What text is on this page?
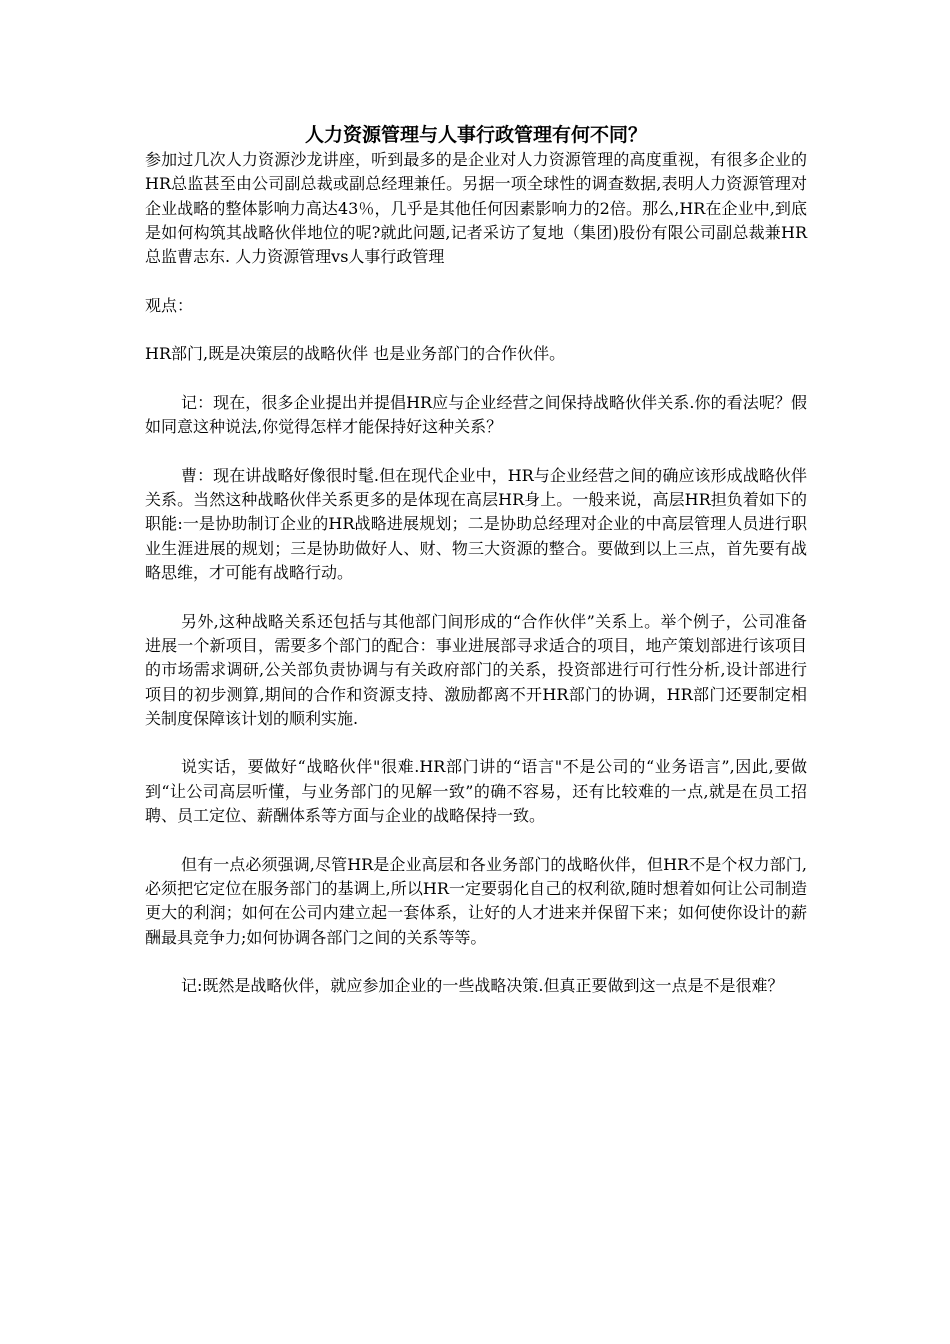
人力资源管理与人事行政管理有何不同？

参加过几次人力资源沙龙讲座，听到最多的是企业对人力资源管理的高度重视，有很多企业的HR总监甚至由公司副总裁或副总经理兼任。另据一项全球性的调查数据,表明人力资源管理对企业战略的整体影响力高达43％，几乎是其他任何因素影响力的2倍。那么,HR在企业中,到底是如何构筑其战略伙伴地位的呢?就此问题,记者采访了复地（集团)股份有限公司副总裁兼HR总监曹志东. 人力资源管理vs人事行政管理

观点：

HR部门,既是决策层的战略伙伴 也是业务部门的合作伙伴。

记：现在，很多企业提出并提倡HR应与企业经营之间保持战略伙伴关系.你的看法呢？假如同意这种说法,你觉得怎样才能保持好这种关系？

曹：现在讲战略好像很时髦.但在现代企业中，HR与企业经营之间的确应该形成战略伙伴关系。当然这种战略伙伴关系更多的是体现在高层HR身上。一般来说，高层HR担负着如下的职能:一是协助制订企业的HR战略进展规划；二是协助总经理对企业的中高层管理人员进行职业生涯进展的规划；三是协助做好人、财、物三大资源的整合。要做到以上三点，首先要有战略思维，才可能有战略行动。

另外,这种战略关系还包括与其他部门间形成的“合作伙伴”关系上。举个例子，公司准备进展一个新项目，需要多个部门的配合：事业进展部寻求适合的项目，地产策划部进行该项目的市场需求调研,公关部负责协调与有关政府部门的关系，投资部进行可行性分析,设计部进行项目的初步测算,期间的合作和资源支持、激励都离不开HR部门的协调，HR部门还要制定相关制度保障该计划的顺利实施.

说实话，要做好“战略伙伴"很难.HR部门讲的“语言"不是公司的“业务语言”,因此,要做到“让公司高层听懂，与业务部门的见解一致”的确不容易，还有比较难的一点,就是在员工招聘、员工定位、薪酬体系等方面与企业的战略保持一致。

但有一点必须强调,尽管HR是企业高层和各业务部门的战略伙伴，但HR不是个权力部门,必须把它定位在服务部门的基调上,所以HR一定要弱化自己的权利欲,随时想着如何让公司制造更大的利润；如何在公司内建立起一套体系，让好的人才进来并保留下来；如何使你设计的薪酬最具竞争力;如何协调各部门之间的关系等等。

记:既然是战略伙伴，就应参加企业的一些战略决策.但真正要做到这一点是不是很难？
